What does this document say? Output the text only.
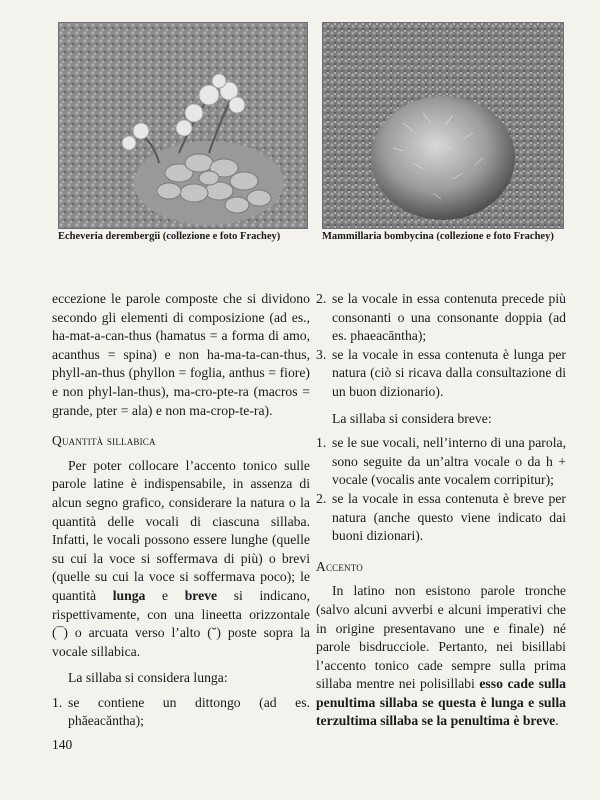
Echeveria derembergii (collezione e foto Frachey)	Mammillaria bombycina (collezione e foto Frachey)

eccezione le parole composte che si dividono secondo gli elementi di composizione (ad es., ha-mat-a-can-thus (hamatus = a forma di amo, acanthus = spina) e non ha-ma-ta-can-thus, phyll-an-thus (phyllon = foglia, anthus = fiore) e non phyl-lan-thus), ma-cro-pte-ra (macros = grande, pter = ala) e non ma-crop-te-ra).

Quantità sillabica

Per poter collocare l’accento tonico sulle parole latine è indispensabile, in assenza di alcun segno grafico, considerare la natura o la quantità delle vocali di ciascuna sillaba. Infatti, le vocali possono essere lunghe (quelle su cui la voce si soffermava di più) o brevi (quelle su cui la voce si soffermava poco); le quantità lunga e breve si indicano, rispettivamente, con una lineetta orizzontale (¯) o arcuata verso l’alto (˘) poste sopra la vocale sillabica.

La sillaba si considera lunga:

1. se contiene un dittongo (ad es. phăeacăntha);
2. se la vocale in essa contenuta precede più consonanti o una consonante doppia (ad es. phaeacāntha);
3. se la vocale in essa contenuta è lunga per natura (ciò si ricava dalla consultazione di un buon dizionario).

La sillaba si considera breve:

1. se le sue vocali, nell’interno di una parola, sono seguite da un’altra vocale o da h + vocale (vocalis ante vocalem corripitur);
2. se la vocale in essa contenuta è breve per natura (anche questo viene indicato dai buoni dizionari).

Accento

In latino non esistono parole tronche (salvo alcuni avverbi e alcuni imperativi che in origine presentavano une e finale) né parole bisdrucciole. Pertanto, nei bisillabi l’accento tonico cade sempre sulla prima sillaba mentre nei polisillabi esso cade sulla penultima sillaba se questa è lunga e sulla terzultima sillaba se la penultima è breve.

140
